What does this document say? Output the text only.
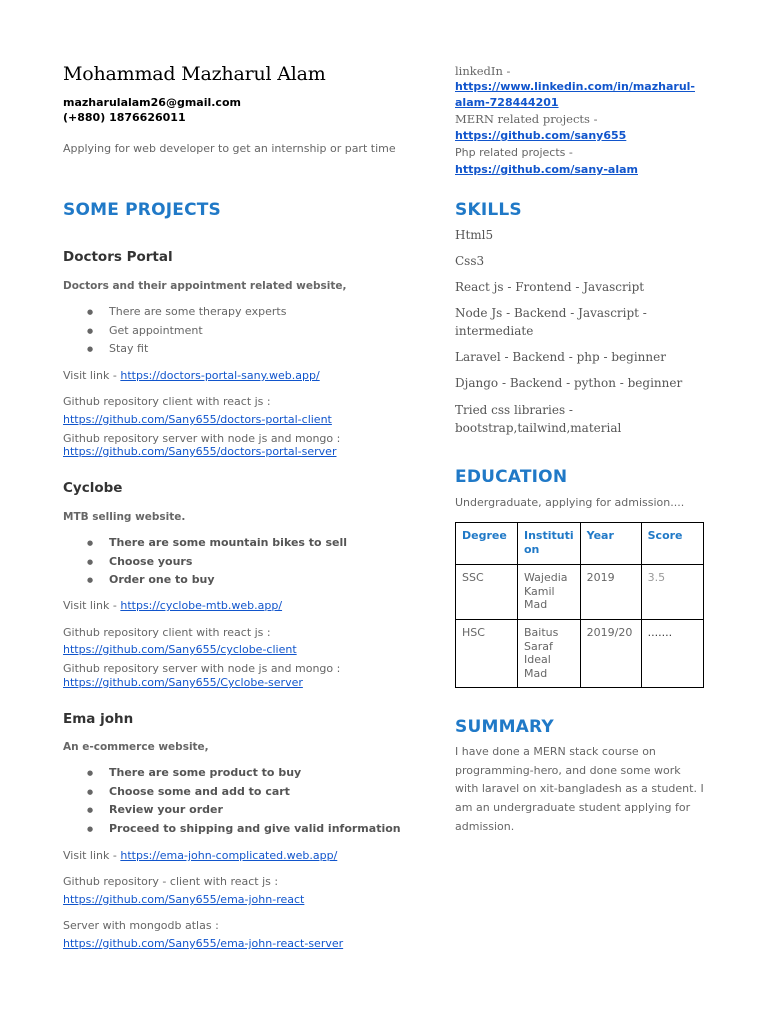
Mohammad Mazharul Alam
mazharulalam26@gmail.com
(+880) 1876626011
Applying for web developer to get an internship or part time
linkedIn -
https://www.linkedin.com/in/mazharul-
alam-728444201
MERN related projects -
https://github.com/sany655
Php related projects -
https://github.com/sany-alam
SOME PROJECTS
Doctors Portal
Doctors and their appointment related website,
● There are some therapy experts
● Get appointment
● Stay fit
Visit link - https://doctors-portal-sany.web.app/
Github repository client with react js :
https://github.com/Sany655/doctors-portal-client
Github repository server with node js and mongo :
https://github.com/Sany655/doctors-portal-server
Cyclobe
MTB selling website.
● There are some mountain bikes to sell
● Choose yours
● Order one to buy
Visit link - https://cyclobe-mtb.web.app/
Github repository client with react js :
https://github.com/Sany655/cyclobe-client
Github repository server with node js and mongo :
https://github.com/Sany655/Cyclobe-server
Ema john
An e-commerce website,
● There are some product to buy
● Choose some and add to cart
● Review your order
● Proceed to shipping and give valid information
Visit link - https://ema-john-complicated.web.app/
Github repository - client with react js :
https://github.com/Sany655/ema-john-react
Server with mongodb atlas :
https://github.com/Sany655/ema-john-react-server
SKILLS
Html5
Css3
React js - Frontend - Javascript
Node Js - Backend - Javascript -
intermediate
Laravel - Backend - php - beginner
Django - Backend - python - beginner
Tried css libraries -
bootstrap,tailwind,material
EDUCATION
Undergraduate, applying for admission....
Degree	Instituti on	Year	Score
SSC	Wajedia Kamil Mad	2019	3.5
HSC	Baitus Saraf Ideal Mad	2019/20	.......
SUMMARY
I have done a MERN stack course on programming-hero, and done some work with laravel on xit-bangladesh as a student. I am an undergraduate student applying for admission.
